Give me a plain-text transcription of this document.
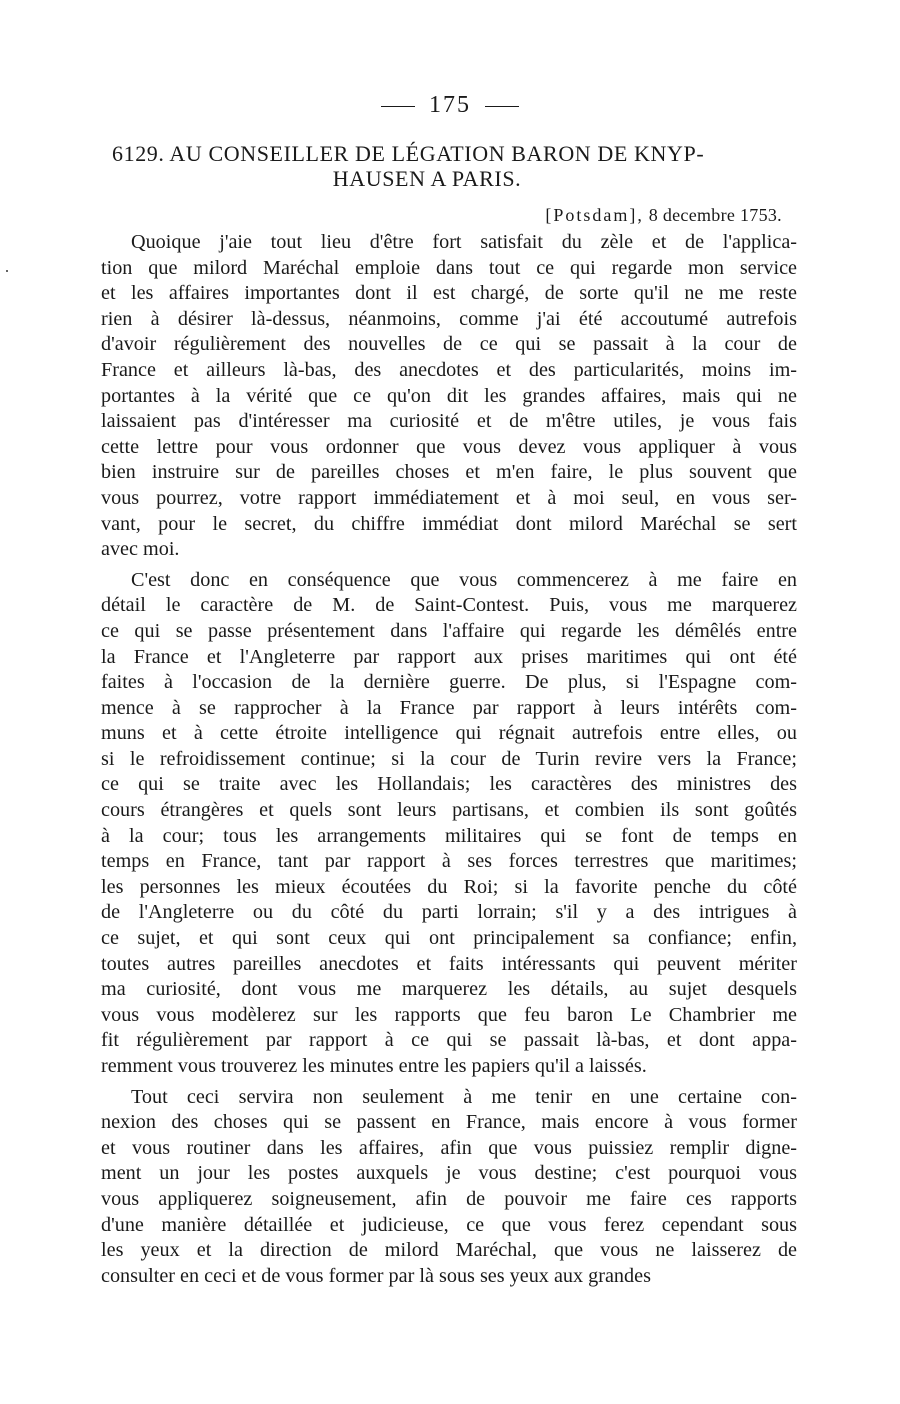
175
6129. AU CONSEILLER DE LÉGATION BARON DE KNYP-
HAUSEN A PARIS.
[Potsdam], 8 decembre 1753.

Quoique j'aie tout lieu d'être fort satisfait du zèle et de l'applica-
tion que milord Maréchal emploie dans tout ce qui regarde mon service
et les affaires importantes dont il est chargé, de sorte qu'il ne me reste
rien à désirer là-dessus, néanmoins, comme j'ai été accoutumé autrefois
d'avoir régulièrement des nouvelles de ce qui se passait à la cour de
France et ailleurs là-bas, des anecdotes et des particularités, moins im-
portantes à la vérité que ce qu'on dit les grandes affaires, mais qui ne
laissaient pas d'intéresser ma curiosité et de m'être utiles, je vous fais
cette lettre pour vous ordonner que vous devez vous appliquer à vous
bien instruire sur de pareilles choses et m'en faire, le plus souvent que
vous pourrez, votre rapport immédiatement et à moi seul, en vous ser-
vant, pour le secret, du chiffre immédiat dont milord Maréchal se sert
avec moi.

C'est donc en conséquence que vous commencerez à me faire en
détail le caractère de M. de Saint-Contest. Puis, vous me marquerez
ce qui se passe présentement dans l'affaire qui regarde les démêlés entre
la France et l'Angleterre par rapport aux prises maritimes qui ont été
faites à l'occasion de la dernière guerre. De plus, si l'Espagne com-
mence à se rapprocher à la France par rapport à leurs intérêts com-
muns et à cette étroite intelligence qui régnait autrefois entre elles, ou
si le refroidissement continue; si la cour de Turin revire vers la France;
ce qui se traite avec les Hollandais; les caractères des ministres des
cours étrangères et quels sont leurs partisans, et combien ils sont goûtés
à la cour; tous les arrangements militaires qui se font de temps en
temps en France, tant par rapport à ses forces terrestres que maritimes;
les personnes les mieux écoutées du Roi; si la favorite penche du côté
de l'Angleterre ou du côté du parti lorrain; s'il y a des intrigues à
ce sujet, et qui sont ceux qui ont principalement sa confiance; enfin,
toutes autres pareilles anecdotes et faits intéressants qui peuvent mériter
ma curiosité, dont vous me marquerez les détails, au sujet desquels
vous vous modèlerez sur les rapports que feu baron Le Chambrier me
fit régulièrement par rapport à ce qui se passait là-bas, et dont appa-
remment vous trouverez les minutes entre les papiers qu'il a laissés.

Tout ceci servira non seulement à me tenir en une certaine con-
nexion des choses qui se passent en France, mais encore à vous former
et vous routiner dans les affaires, afin que vous puissiez remplir digne-
ment un jour les postes auxquels je vous destine; c'est pourquoi vous
vous appliquerez soigneusement, afin de pouvoir me faire ces rapports
d'une manière détaillée et judicieuse, ce que vous ferez cependant sous
les yeux et la direction de milord Maréchal, que vous ne laisserez de
consulter en ceci et de vous former par là sous ses yeux aux grandes
